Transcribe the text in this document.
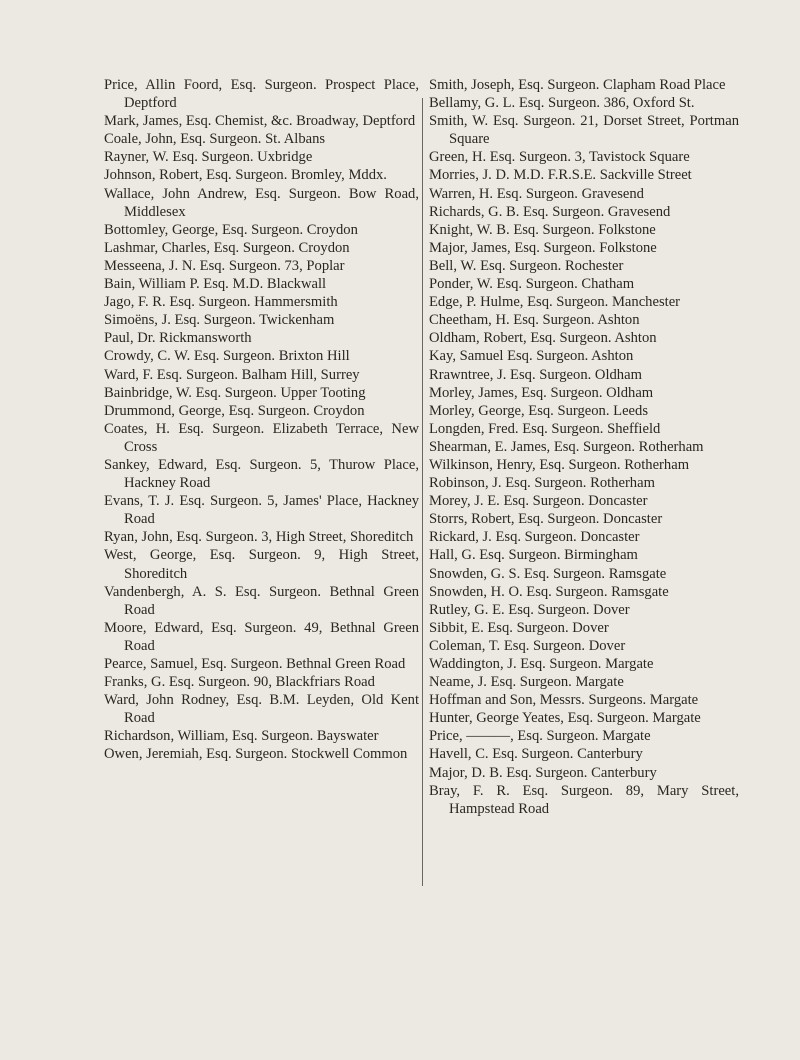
Price, Allin Foord, Esq. Surgeon. Prospect Place, Deptford

Mark, James, Esq. Chemist, &c. Broadway, Deptford

Coale, John, Esq. Surgeon. St. Albans

Rayner, W. Esq. Surgeon. Uxbridge

Johnson, Robert, Esq. Surgeon. Bromley, Mddx.

Wallace, John Andrew, Esq. Surgeon. Bow Road, Middlesex

Bottomley, George, Esq. Surgeon. Croydon

Lashmar, Charles, Esq. Surgeon. Croydon

Messeena, J. N. Esq. Surgeon. 73, Poplar

Bain, William P. Esq. M.D. Blackwall

Jago, F. R. Esq. Surgeon. Hammersmith

Simoëns, J. Esq. Surgeon. Twickenham

Paul, Dr. Rickmansworth

Crowdy, C. W. Esq. Surgeon. Brixton Hill

Ward, F. Esq. Surgeon. Balham Hill, Surrey

Bainbridge, W. Esq. Surgeon. Upper Tooting

Drummond, George, Esq. Surgeon. Croydon

Coates, H. Esq. Surgeon. Elizabeth Terrace, New Cross

Sankey, Edward, Esq. Surgeon. 5, Thurow Place, Hackney Road

Evans, T. J. Esq. Surgeon. 5, James' Place, Hackney Road

Ryan, John, Esq. Surgeon. 3, High Street, Shoreditch

West, George, Esq. Surgeon. 9, High Street, Shoreditch

Vandenbergh, A. S. Esq. Surgeon. Bethnal Green Road

Moore, Edward, Esq. Surgeon. 49, Bethnal Green Road

Pearce, Samuel, Esq. Surgeon. Bethnal Green Road

Franks, G. Esq. Surgeon. 90, Blackfriars Road

Ward, John Rodney, Esq. B.M. Leyden, Old Kent Road

Richardson, William, Esq. Surgeon. Bayswater

Owen, Jeremiah, Esq. Surgeon. Stockwell Common

Smith, Joseph, Esq. Surgeon. Clapham Road Place

Bellamy, G. L. Esq. Surgeon. 386, Oxford St.

Smith, W. Esq. Surgeon. 21, Dorset Street, Portman Square

Green, H. Esq. Surgeon. 3, Tavistock Square

Morries, J. D. M.D. F.R.S.E. Sackville Street

Warren, H. Esq. Surgeon. Gravesend

Richards, G. B. Esq. Surgeon. Gravesend

Knight, W. B. Esq. Surgeon. Folkstone

Major, James, Esq. Surgeon. Folkstone

Bell, W. Esq. Surgeon. Rochester

Ponder, W. Esq. Surgeon. Chatham

Edge, P. Hulme, Esq. Surgeon. Manchester

Cheetham, H. Esq. Surgeon. Ashton

Oldham, Robert, Esq. Surgeon. Ashton

Kay, Samuel Esq. Surgeon. Ashton

Rrawntree, J. Esq. Surgeon. Oldham

Morley, James, Esq. Surgeon. Oldham

Morley, George, Esq. Surgeon. Leeds

Longden, Fred. Esq. Surgeon. Sheffield

Shearman, E. James, Esq. Surgeon. Rotherham

Wilkinson, Henry, Esq. Surgeon. Rotherham

Robinson, J. Esq. Surgeon. Rotherham

Morey, J. E. Esq. Surgeon. Doncaster

Storrs, Robert, Esq. Surgeon. Doncaster

Rickard, J. Esq. Surgeon. Doncaster

Hall, G. Esq. Surgeon. Birmingham

Snowden, G. S. Esq. Surgeon. Ramsgate

Snowden, H. O. Esq. Surgeon. Ramsgate

Rutley, G. E. Esq. Surgeon. Dover

Sibbit, E. Esq. Surgeon. Dover

Coleman, T. Esq. Surgeon. Dover

Waddington, J. Esq. Surgeon. Margate

Neame, J. Esq. Surgeon. Margate

Hoffman and Son, Messrs. Surgeons. Margate

Hunter, George Yeates, Esq. Surgeon. Margate

Price, ———, Esq. Surgeon. Margate

Havell, C. Esq. Surgeon. Canterbury

Major, D. B. Esq. Surgeon. Canterbury

Bray, F. R. Esq. Surgeon. 89, Mary Street, Hampstead Road
